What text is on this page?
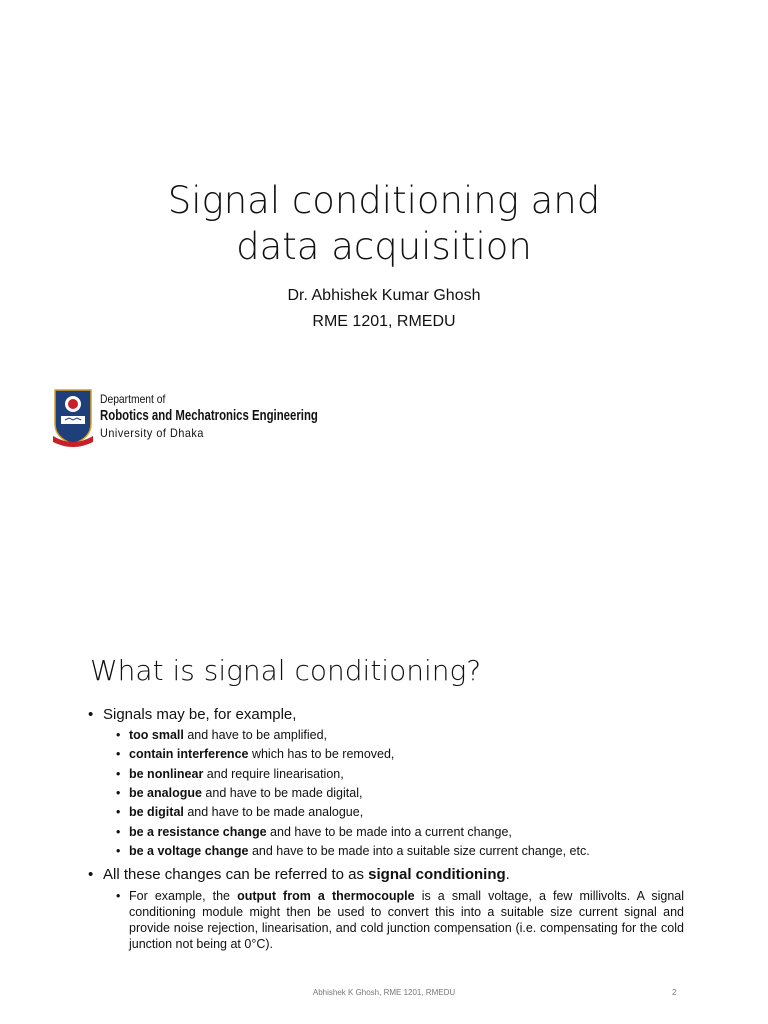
Signal conditioning and
data acquisition
Dr. Abhishek Kumar Ghosh
RME 1201, RMEDU
Department of
Robotics and Mechatronics Engineering
University of Dhaka
What is signal conditioning?
• Signals may be, for example,
• too small and have to be amplified,
• contain interference which has to be removed,
• be nonlinear and require linearisation,
• be analogue and have to be made digital,
• be digital and have to be made analogue,
• be a resistance change and have to be made into a current change,
• be a voltage change and have to be made into a suitable size current change, etc.
• All these changes can be referred to as signal conditioning.
• For example, the output from a thermocouple is a small voltage, a few millivolts. A signal conditioning module might then be used to convert this into a suitable size current signal and provide noise rejection, linearisation, and cold junction compensation (i.e. compensating for the cold junction not being at 0°C).
Abhishek K Ghosh, RME 1201, RMEDU	2
